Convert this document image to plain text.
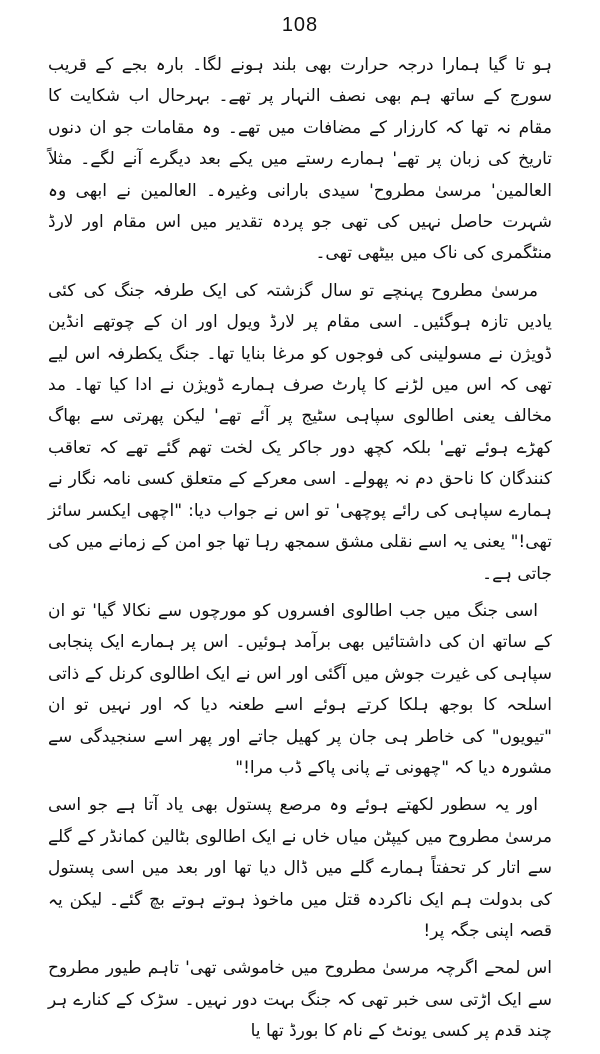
108

ہو تا گیا ہمارا درجہ حرارت بھی بلند ہونے لگا۔ بارہ بجے کے قریب سورج کے ساتھ ہم بھی نصف النہار پر تھے۔ بہرحال اب شکایت کا مقام نہ تھا کہ کارزار کے مضافات میں تھے۔ وہ مقامات جو ان دنوں تاریخ کی زبان پر تھے' ہمارے رستے میں یکے بعد دیگرے آنے لگے۔ مثلاً العالمین' مرسیٰ مطروح' سیدی بارانی وغیرہ۔ العالمین نے ابھی وہ شہرت حاصل نہیں کی تھی جو پردہ تقدیر میں اس مقام اور لارڈ منٹگمری کی ناک میں بیٹھی تھی۔

مرسیٰ مطروح پہنچے تو سال گزشتہ کی ایک طرفہ جنگ کی کئی یادیں تازہ ہوگئیں۔ اسی مقام پر لارڈ ویول اور ان کے چوتھے انڈین ڈویژن نے مسولینی کی فوجوں کو مرغا بنایا تھا۔ جنگ یکطرفہ اس لیے تھی کہ اس میں لڑنے کا پارٹ صرف ہمارے ڈویژن نے ادا کیا تھا۔ مد مخالف یعنی اطالوی سپاہی سٹیج پر آئے تھے' لیکن پھرتی سے بھاگ کھڑے ہوئے تھے' بلکہ کچھ دور جاکر یک لخت تھم گئے تھے کہ تعاقب کنندگان کا ناحق دم نہ پھولے۔ اسی معرکے کے متعلق کسی نامہ نگار نے ہمارے سپاہی کی رائے پوچھی' تو اس نے جواب دیا: "اچھی ایکسر سائز تھی!" یعنی یہ اسے نقلی مشق سمجھ رہا تھا جو امن کے زمانے میں کی جاتی ہے۔

اسی جنگ میں جب اطالوی افسروں کو مورچوں سے نکالا گیا' تو ان کے ساتھ ان کی داشتائیں بھی برآمد ہوئیں۔ اس پر ہمارے ایک پنجابی سپاہی کی غیرت جوش میں آگئی اور اس نے ایک اطالوی کرنل کے ذاتی اسلحہ کا بوجھ ہلکا کرتے ہوئے اسے طعنہ دیا کہ اور نہیں تو ان "تیویوں" کی خاطر ہی جان پر کھیل جاتے اور پھر اسے سنجیدگی سے مشورہ دیا کہ "چھونی تے پانی پاکے ڈب مرا!"

اور یہ سطور لکھتے ہوئے وہ مرصع پستول بھی یاد آتا ہے جو اسی مرسیٰ مطروح میں کیپٹن میاں خاں نے ایک اطالوی بٹالین کمانڈر کے گلے سے اتار کر تحفتاً ہمارے گلے میں ڈال دیا تھا اور بعد میں اسی پستول کی بدولت ہم ایک ناکردہ قتل میں ماخوذ ہوتے ہوتے بچ گئے۔ لیکن یہ قصہ اپنی جگہ پر!

اس لمحے اگرچہ مرسیٰ مطروح میں خاموشی تھی' تاہم طیور مطروح سے ایک اڑتی سی خبر تھی کہ جنگ بہت دور نہیں۔ سڑک کے کنارے ہر چند قدم پر کسی یونٹ کے نام کا بورڈ تھا یا
